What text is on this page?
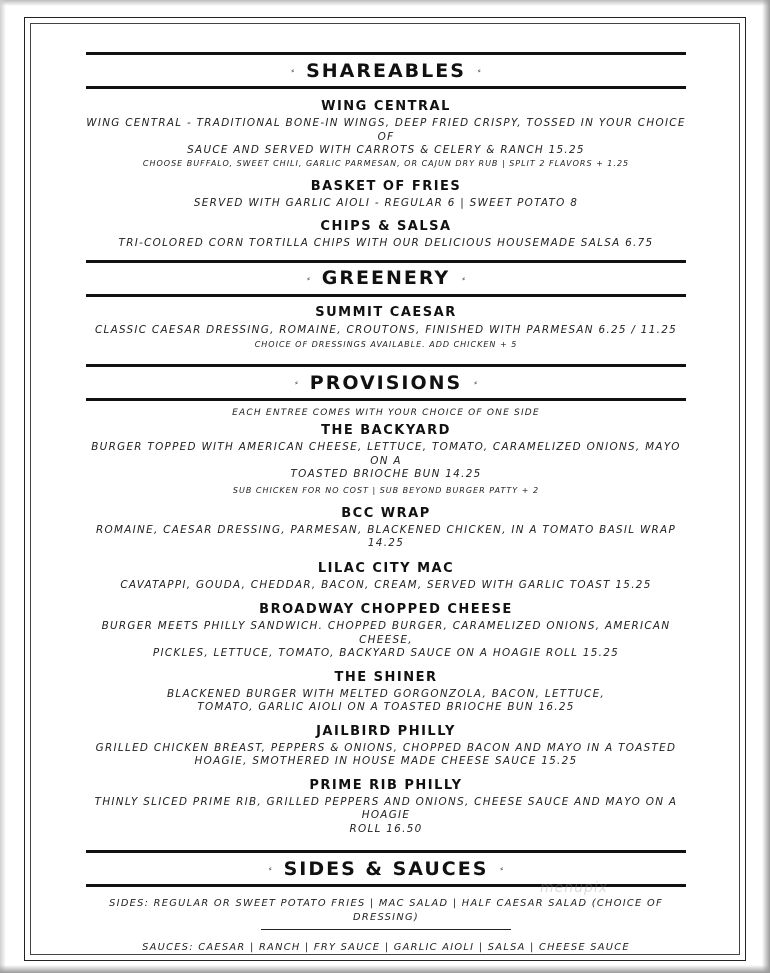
⸗ SHAREABLES ⸗
WING CENTRAL
WING CENTRAL - TRADITIONAL BONE-IN WINGS, DEEP FRIED CRISPY, TOSSED IN YOUR CHOICE OF
SAUCE AND SERVED WITH CARROTS & CELERY & RANCH 15.25
CHOOSE BUFFALO, SWEET CHILI, GARLIC PARMESAN, OR CAJUN DRY RUB | SPLIT 2 FLAVORS + 1.25
BASKET OF FRIES
SERVED WITH GARLIC AIOLI - REGULAR 6 | SWEET POTATO 8
CHIPS & SALSA
TRI-COLORED CORN TORTILLA CHIPS WITH OUR DELICIOUS HOUSEMADE SALSA 6.75
⸗ GREENERY ⸗
SUMMIT CAESAR
CLASSIC CAESAR DRESSING, ROMAINE, CROUTONS, FINISHED WITH PARMESAN 6.25 / 11.25
CHOICE OF DRESSINGS AVAILABLE. ADD CHICKEN + 5
⸗ PROVISIONS ⸗
EACH ENTREE COMES WITH YOUR CHOICE OF ONE SIDE
THE BACKYARD
BURGER TOPPED WITH AMERICAN CHEESE, LETTUCE, TOMATO, CARAMELIZED ONIONS, MAYO ON A
TOASTED BRIOCHE BUN 14.25
SUB CHICKEN FOR NO COST | SUB BEYOND BURGER PATTY + 2
BCC WRAP
ROMAINE, CAESAR DRESSING, PARMESAN, BLACKENED CHICKEN, IN A TOMATO BASIL WRAP 14.25
LILAC CITY MAC
CAVATAPPI, GOUDA, CHEDDAR, BACON, CREAM, SERVED WITH GARLIC TOAST 15.25
BROADWAY CHOPPED CHEESE
BURGER MEETS PHILLY SANDWICH. CHOPPED BURGER, CARAMELIZED ONIONS, AMERICAN CHEESE,
PICKLES, LETTUCE, TOMATO, BACKYARD SAUCE ON A HOAGIE ROLL 15.25
THE SHINER
BLACKENED BURGER WITH MELTED GORGONZOLA, BACON, LETTUCE,
TOMATO, GARLIC AIOLI ON A TOASTED BRIOCHE BUN 16.25
JAILBIRD PHILLY
GRILLED CHICKEN BREAST, PEPPERS & ONIONS, CHOPPED BACON AND MAYO IN A TOASTED
HOAGIE, SMOTHERED IN HOUSE MADE CHEESE SAUCE 15.25
PRIME RIB PHILLY
THINLY SLICED PRIME RIB, GRILLED PEPPERS AND ONIONS, CHEESE SAUCE AND MAYO ON A HOAGIE
ROLL 16.50
⸗ SIDES & SAUCES ⸗
SIDES: REGULAR OR SWEET POTATO FRIES | MAC SALAD | HALF CAESAR SALAD (CHOICE OF DRESSING)
SAUCES: CAESAR | RANCH | FRY SAUCE | GARLIC AIOLI | SALSA | CHEESE SAUCE
menupix
